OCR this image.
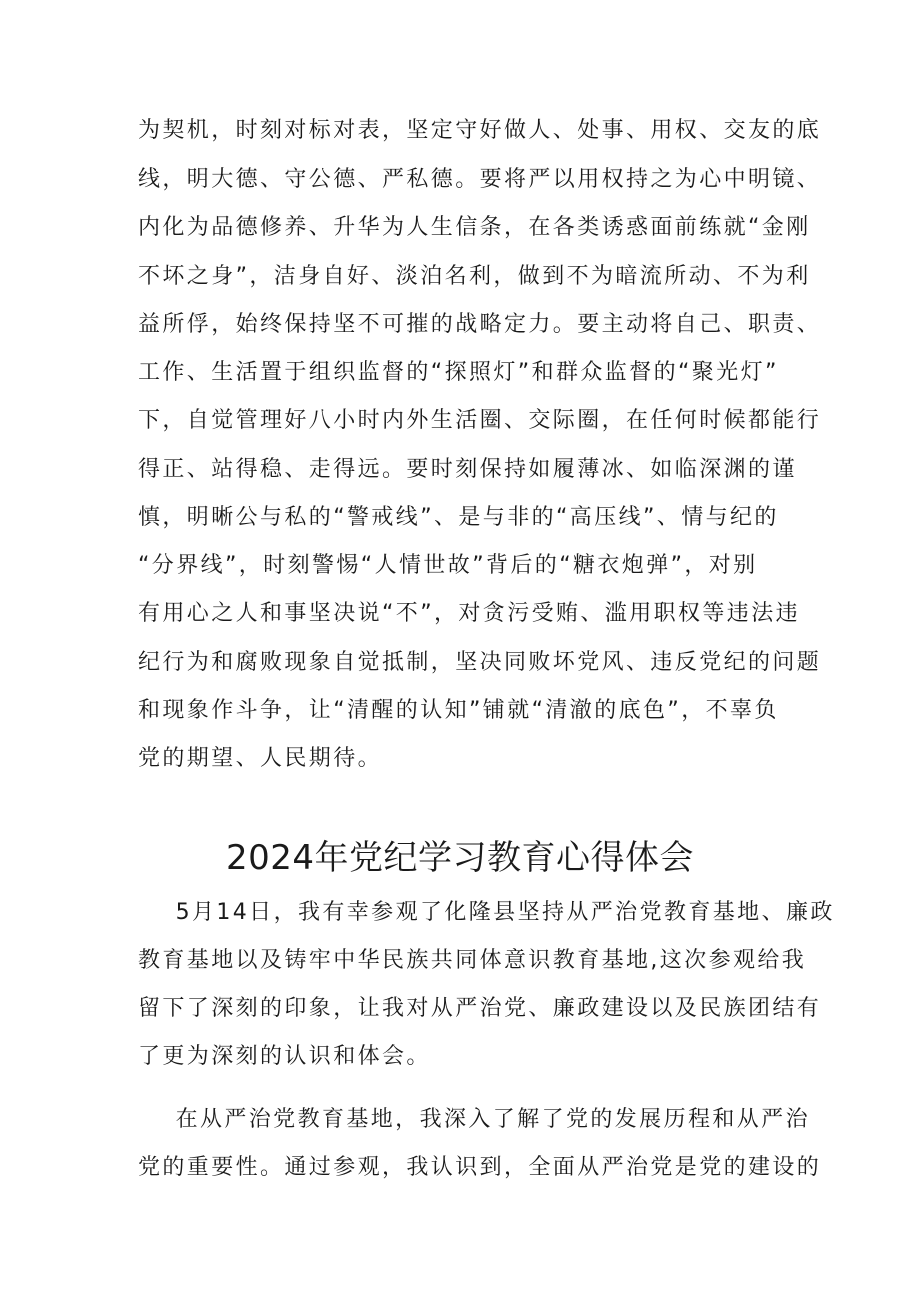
为契机，时刻对标对表，坚定守好做人、处事、用权、交友的底
线，明大德、守公德、严私德。要将严以用权持之为心中明镜、
内化为品德修养、升华为人生信条，在各类诱惑面前练就“金刚
不坏之身”，洁身自好、淡泊名利，做到不为暗流所动、不为利
益所俘，始终保持坚不可摧的战略定力。要主动将自己、职责、
工作、生活置于组织监督的“探照灯”和群众监督的“聚光灯”
下，自觉管理好八小时内外生活圈、交际圈，在任何时候都能行
得正、站得稳、走得远。要时刻保持如履薄冰、如临深渊的谨
慎，明晰公与私的“警戒线”、是与非的“高压线”、情与纪的
“分界线”，时刻警惕“人情世故”背后的“糖衣炮弹”，对别
有用心之人和事坚决说“不”，对贪污受贿、滥用职权等违法违
纪行为和腐败现象自觉抵制，坚决同败坏党风、违反党纪的问题
和现象作斗争，让“清醒的认知”铺就“清澈的底色”，不辜负
党的期望、人民期待。
2024年党纪学习教育心得体会
5月14日，我有幸参观了化隆县坚持从严治党教育基地、廉政
教育基地以及铸牢中华民族共同体意识教育基地,这次参观给我
留下了深刻的印象，让我对从严治党、廉政建设以及民族团结有
了更为深刻的认识和体会。
在从严治党教育基地，我深入了解了党的发展历程和从严治
党的重要性。通过参观，我认识到，全面从严治党是党的建设的
